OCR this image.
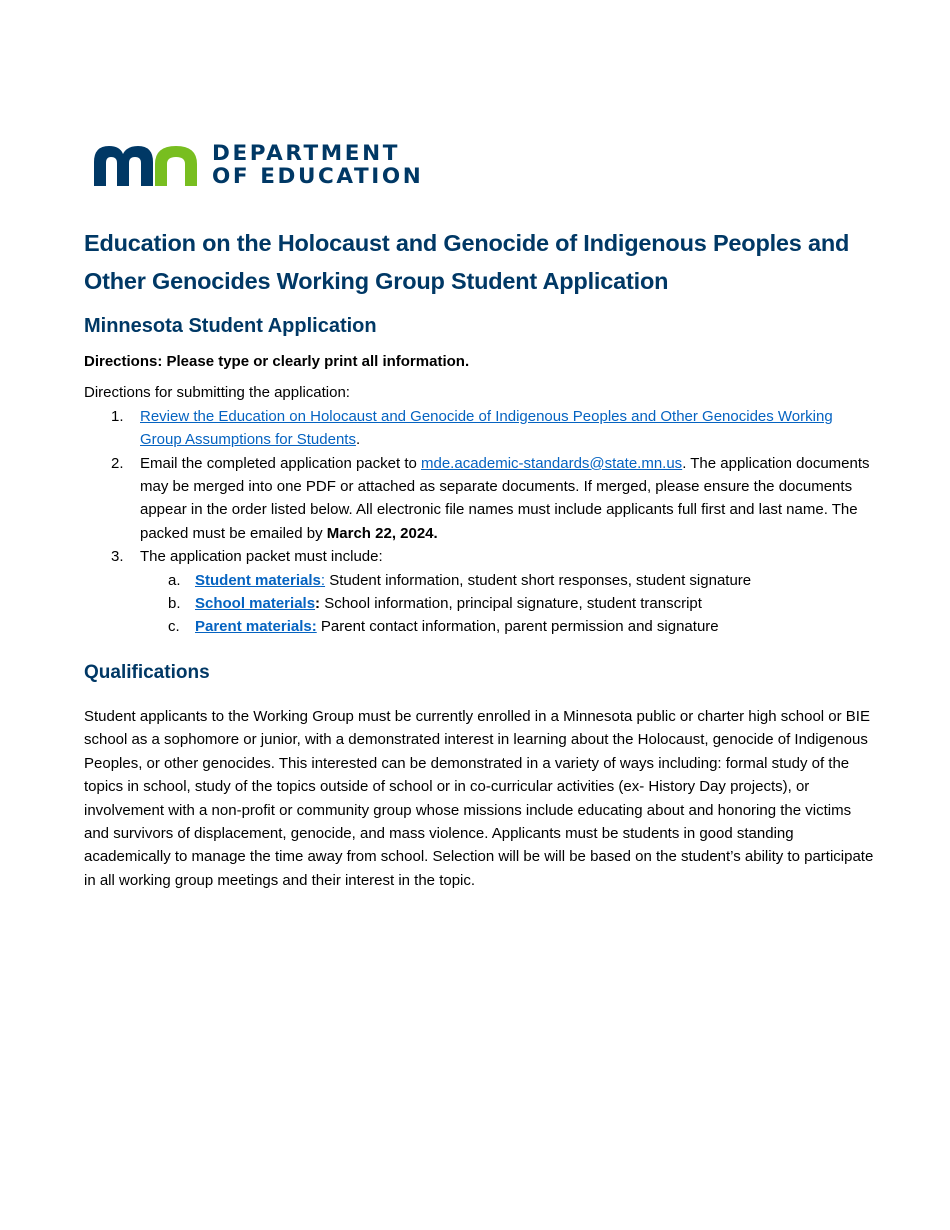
DEPARTMENT
OF EDUCATION
Education on the Holocaust and Genocide of Indigenous Peoples and Other Genocides Working Group Student Application
Minnesota Student Application

Directions: Please type or clearly print all information.

Directions for submitting the application:

1. Review the Education on Holocaust and Genocide of Indigenous Peoples and Other Genocides Working Group Assumptions for Students.
2. Email the completed application packet to mde.academic-standards@state.mn.us. The application documents may be merged into one PDF or attached as separate documents. If merged, please ensure the documents appear in the order listed below. All electronic file names must include applicants full first and last name. The packed must be emailed by March 22, 2024.
3. The application packet must include:
a. Student materials: Student information, student short responses, student signature
b. School materials: School information, principal signature, student transcript
c. Parent materials: Parent contact information, parent permission and signature
Qualifications

Student applicants to the Working Group must be currently enrolled in a Minnesota public or charter high school or BIE school as a sophomore or junior, with a demonstrated interest in learning about the Holocaust, genocide of Indigenous Peoples, or other genocides. This interested can be demonstrated in a variety of ways including: formal study of the topics in school, study of the topics outside of school or in co-curricular activities (ex- History Day projects), or involvement with a non-profit or community group whose missions include educating about and honoring the victims and survivors of displacement, genocide, and mass violence. Applicants must be students in good standing academically to manage the time away from school. Selection will be will be based on the student’s ability to participate in all working group meetings and their interest in the topic.
